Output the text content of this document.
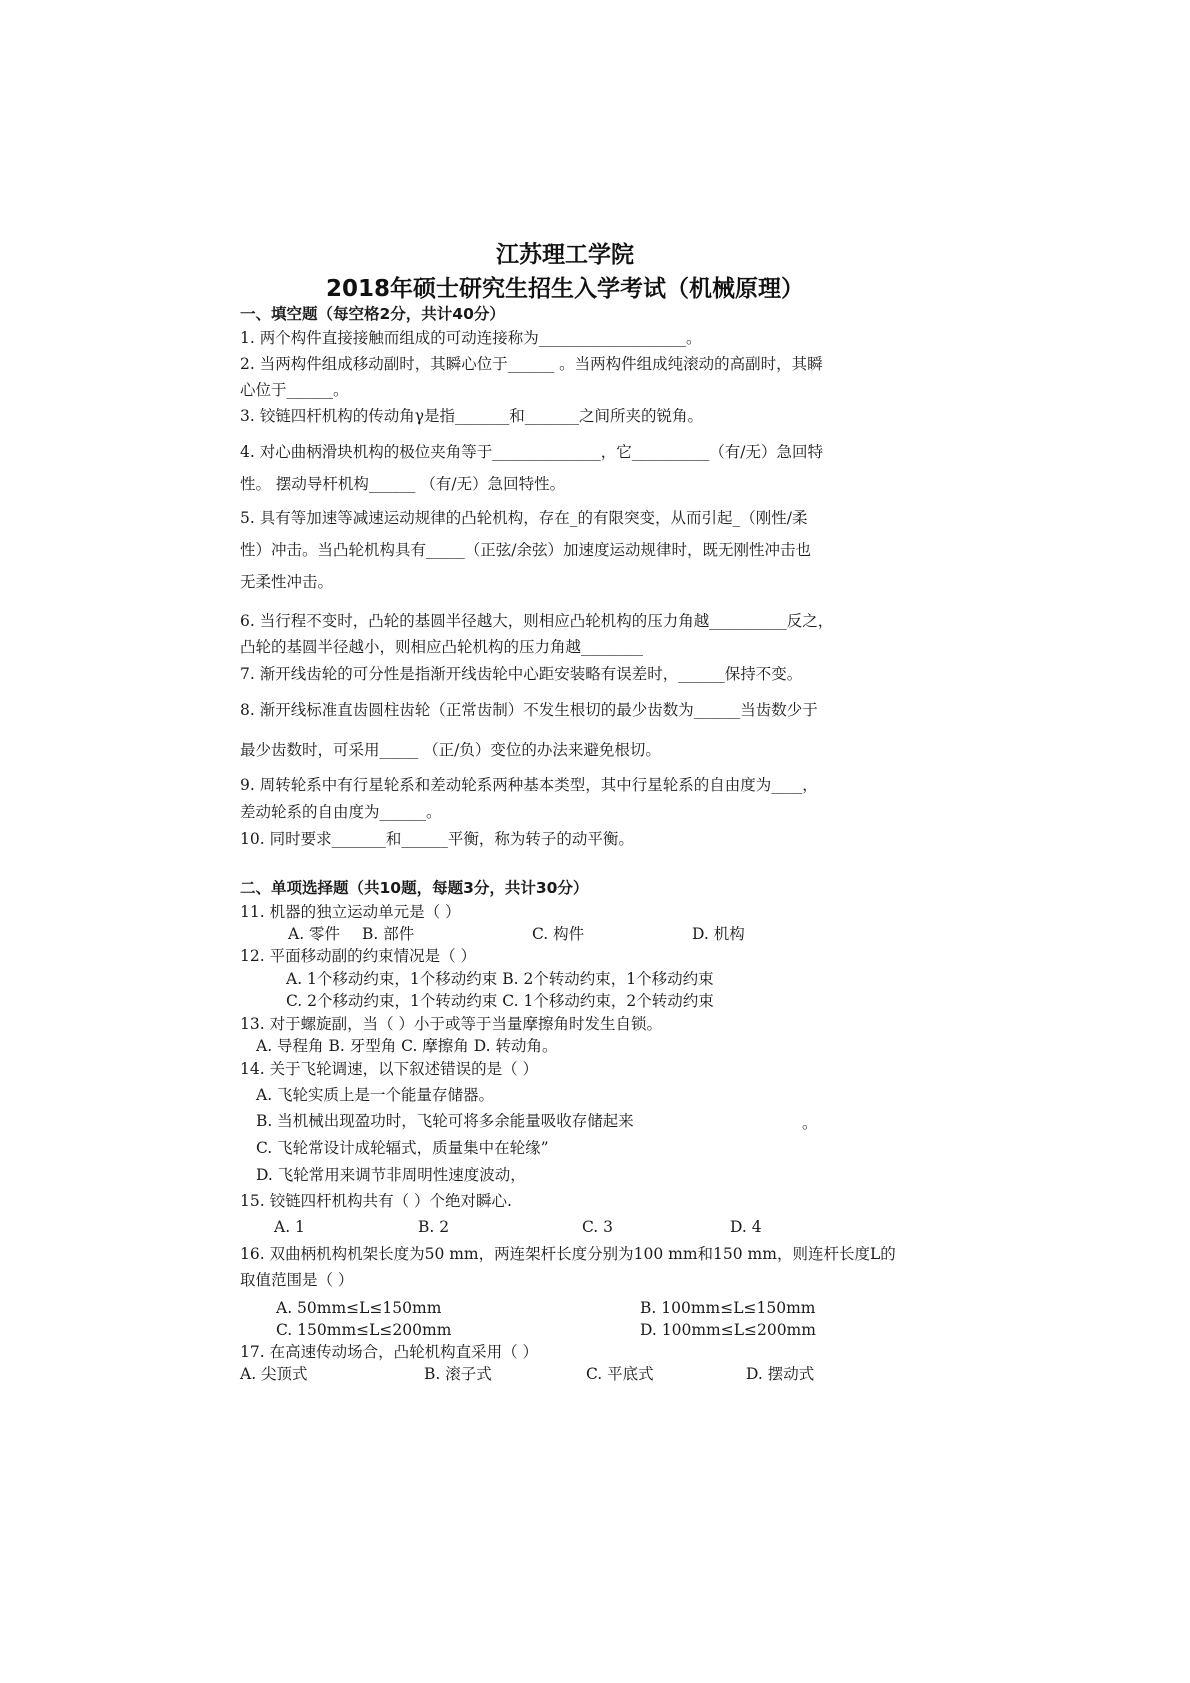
江苏理工学院
2018年硕士研究生招生入学考试（机械原理）
一、填空题（每空格2分，共计40分）
1. 两个构件直接接触而组成的可动连接称为___________________。
2. 当两构件组成移动副时，其瞬心位于______ 。当两构件组成纯滚动的高副时，其瞬
心位于______。
3. 铰链四杆机构的传动角γ是指_______和_______之间所夹的锐角。
4. 对心曲柄滑块机构的极位夹角等于______________，它__________（有/无）急回特
性。 摆动导杆机构______ （有/无）急回特性。
5. 具有等加速等减速运动规律的凸轮机构，存在_的有限突变，从而引起_（刚性/柔
性）冲击。当凸轮机构具有_____（正弦/余弦）加速度运动规律时，既无刚性冲击也
无柔性冲击。
6. 当行程不变时，凸轮的基圆半径越大，则相应凸轮机构的压力角越__________反之，
凸轮的基圆半径越小，则相应凸轮机构的压力角越________
7. 渐开线齿轮的可分性是指渐开线齿轮中心距安装略有误差时，______保持不变。
8. 渐开线标准直齿圆柱齿轮（正常齿制）不发生根切的最少齿数为______当齿数少于
最少齿数时，可采用_____ （正/负）变位的办法来避免根切。
9. 周转轮系中有行星轮系和差动轮系两种基本类型，其中行星轮系的自由度为____，
差动轮系的自由度为______。
10. 同时要求_______和______平衡，称为转子的动平衡。
二、单项选择题（共10题，每题3分，共计30分）
11. 机器的独立运动单元是（ ）
A. 零件 B. 部件	C. 构件	D. 机构
12. 平面移动副的约束情况是（ ）
A. 1个移动约束，1个移动约束 B. 2个转动约束，1个移动约束
C. 2个移动约束，1个转动约束 C. 1个移动约束，2个转动约束
13. 对于螺旋副，当（ ）小于或等于当量摩擦角时发生自锁。
A. 导程角 B. 牙型角 C. 摩擦角 D. 转动角。
14. 关于飞轮调速，以下叙述错误的是（ ）
A. 飞轮实质上是一个能量存储器。
B. 当机械出现盈功时，飞轮可将多余能量吸收存储起来	。
C. 飞轮常设计成轮辐式，质量集中在轮缘”
D. 飞轮常用来调节非周明性速度波动，
15. 铰链四杆机构共有（ ）个绝对瞬心.
A. 1	B. 2	C. 3	D. 4
16. 双曲柄机构机架长度为50 mm，两连架杆长度分别为100 mm和150 mm，则连杆长度L的
取值范围是（ ）
A. 50mm≤L≤150mm	B. 100mm≤L≤150mm
C. 150mm≤L≤200mm	D. 100mm≤L≤200mm
17. 在高速传动场合，凸轮机构直采用（ ）
A. 尖顶式	B. 滚子式	C. 平底式	D. 摆动式
